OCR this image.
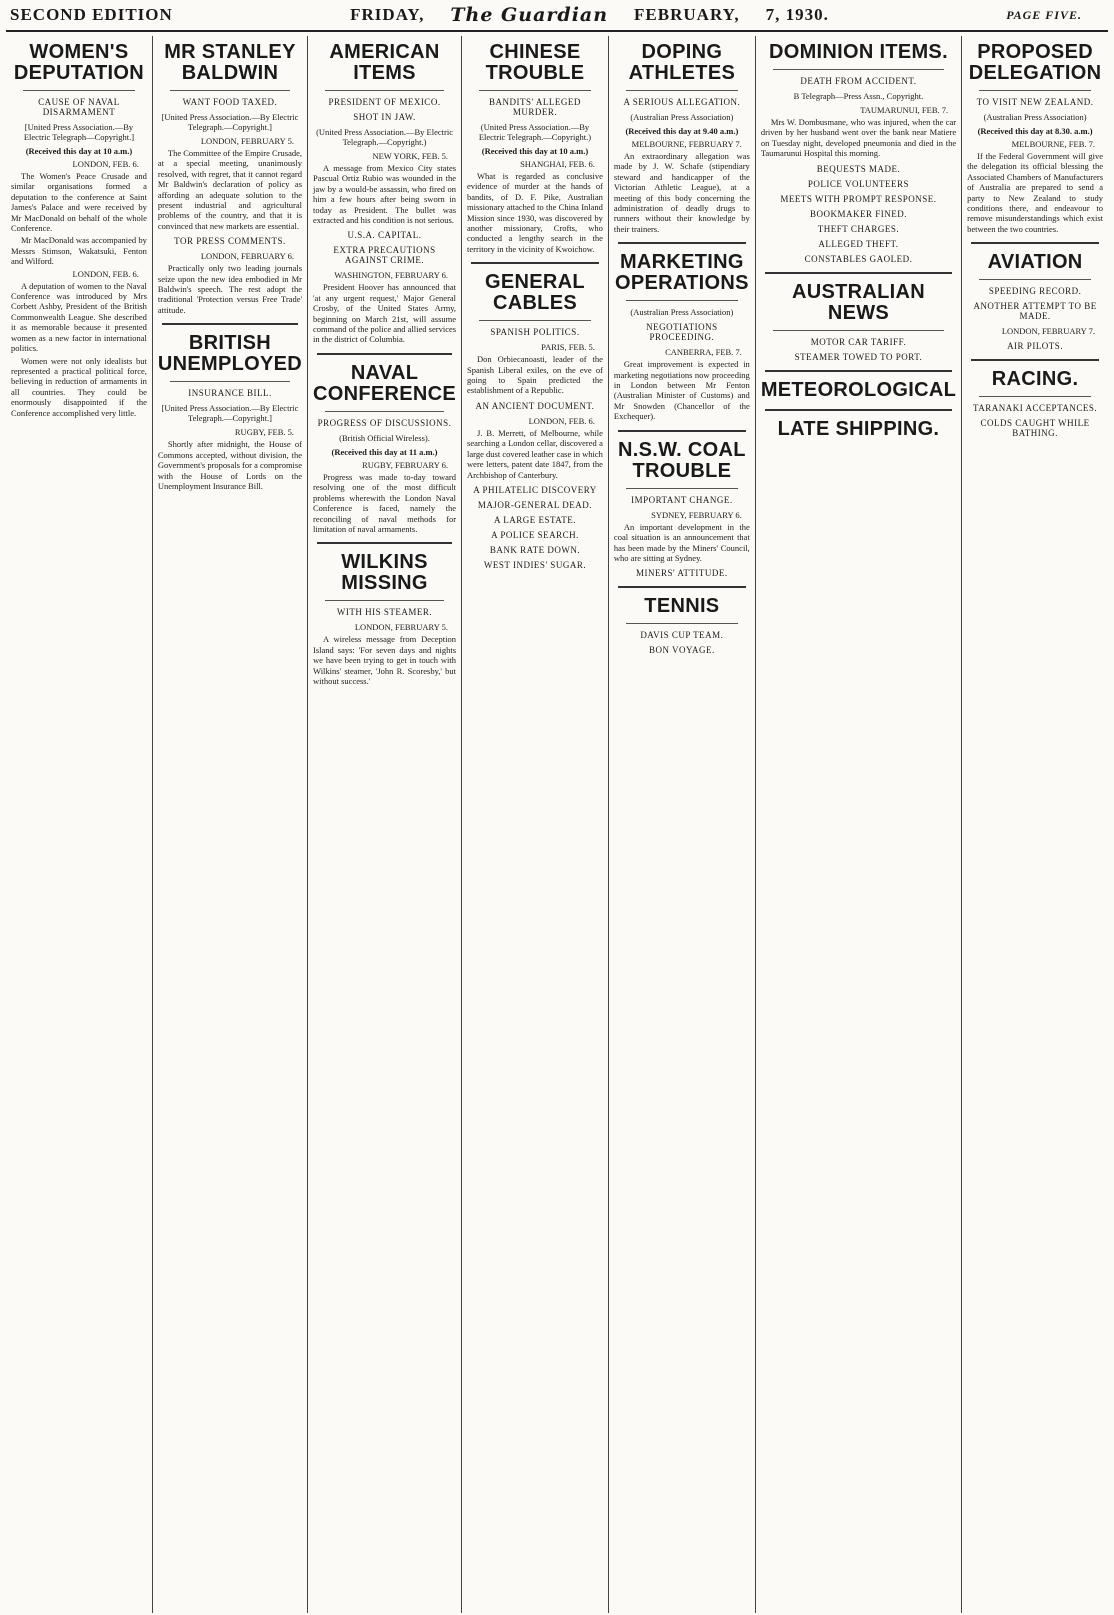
SECOND EDITION	FRIDAY, The Guardian FEBRUARY, 7, 1930.	PAGE FIVE.
WOMEN'S DEPUTATION
CAUSE OF NAVAL DISARMAMENT
[United Press Association.—By Electric Telegraph—Copyright.]
(Received this day at 10 a.m.)
LONDON, FEB. 6.

The Women's Peace Crusade and similar organisations formed a deputation to the conference at Saint James's Palace and were received by Mr MacDonald on behalf of the whole Conference.

Mr MacDonald was accompanied by Messrs Stimson, Wakatsuki, Fenton and Wilford.

LONDON, FEB. 6.

A deputation of women to the Naval Conference was introduced by Mrs Corbett Ashby, President of the British Commonwealth League. She described it as memorable because it presented women as a new factor in international politics.

Women were not only idealists but represented a practical political force, believing in reduction of armaments in all countries. They could be enormously disappointed if the Conference accomplished very little.

MR STANLEY BALDWIN
WANT FOOD TAXED.
[United Press Association.—By Electric Telegraph.—Copyright.]
LONDON, FEBRUARY 5.

The Committee of the Empire Crusade, at a special meeting, unanimously resolved, with regret, that it cannot regard Mr Baldwin's declaration of policy as affording an adequate solution to the present industrial and agricultural problems of the country, and that it is convinced that new markets are essential.

TOR PRESS COMMENTS.
LONDON, FEBRUARY 6.

Practically only two leading journals seize upon the new idea embodied in Mr Baldwin's speech. The rest adopt the traditional 'Protection versus Free Trade' attitude.

BRITISH UNEMPLOYED
INSURANCE BILL.
[United Press Association.—By Electric Telegraph.—Copyright.]
RUGBY, FEB. 5.

Shortly after midnight, the House of Commons accepted, without division, the Government's proposals for a compromise with the House of Lords on the Unemployment Insurance Bill.

AMERICAN ITEMS
PRESIDENT OF MEXICO.
SHOT IN JAW.
(United Press Association.—By Electric Telegraph.—Copyright.)
NEW YORK, FEB. 5.

A message from Mexico City states Pascual Ortiz Rubio was wounded in the jaw by a would-be assassin, who fired on him a few hours after being sworn in today as President. The bullet was extracted and his condition is not serious.

U.S.A. CAPITAL.
EXTRA PRECAUTIONS AGAINST CRIME.
WASHINGTON, FEBRUARY 6.

President Hoover has announced that 'at any urgent request,' Major General Crosby, of the United States Army, beginning on March 21st, will assume command of the police and allied services in the district of Columbia.

NAVAL CONFERENCE
PROGRESS OF DISCUSSIONS.
(British Official Wireless).
(Received this day at 11 a.m.)
RUGBY, FEBRUARY 6.

Progress was made to-day toward resolving one of the most difficult problems wherewith the London Naval Conference is faced, namely the reconciling of naval methods for limitation of naval armaments.

WILKINS MISSING
WITH HIS STEAMER.
LONDON, FEBRUARY 5.

A wireless message from Deception Island says: 'For seven days and nights we have been trying to get in touch with Wilkins' steamer, 'John R. Scoresby,' but without success.'

CHINESE TROUBLE
BANDITS' ALLEGED MURDER.
(United Press Association.—By Electric Telegraph.—Copyright.)
(Received this day at 10 a.m.)
SHANGHAI, FEB. 6.

What is regarded as conclusive evidence of murder at the hands of bandits, of D. F. Pike, Australian missionary attached to the China Inland Mission since 1930, was discovered by another missionary, Crofts, who conducted a lengthy search in the territory in the vicinity of Kwoichow.

GENERAL CABLES
SPANISH POLITICS.
PARIS, FEB. 5.

Don Orbiecanoasti, leader of the Spanish Liberal exiles, on the eve of going to Spain predicted the establishment of a Republic.

AN ANCIENT DOCUMENT.
LONDON, FEB. 6.

J. B. Merrett, of Melbourne, while searching a London cellar, discovered a large dust covered leather case in which were letters, patent date 1847, from the Archbishop of Canterbury.

A PHILATELIC DISCOVERY
MAJOR-GENERAL DEAD.
A LARGE ESTATE.
A POLICE SEARCH.
BANK RATE DOWN.
WEST INDIES' SUGAR.
DOPING ATHLETES
A SERIOUS ALLEGATION.
(Australian Press Association)
(Received this day at 9.40 a.m.)
MELBOURNE, FEBRUARY 7.

An extraordinary allegation was made by J. W. Schafe (stipendiary steward and handicapper of the Victorian Athletic League), at a meeting of this body concerning the administration of deadly drugs to runners without their knowledge by their trainers.

MARKETING OPERATIONS
(Australian Press Association)
NEGOTIATIONS PROCEEDING.
CANBERRA, FEB. 7.

Great improvement is expected in marketing negotiations now proceeding in London between Mr Fenton (Australian Minister of Customs) and Mr Snowden (Chancellor of the Exchequer).

N.S.W. COAL TROUBLE
IMPORTANT CHANGE.
SYDNEY, FEBRUARY 6.

An important development in the coal situation is an announcement that has been made by the Miners' Council, who are sitting at Sydney.

MINERS' ATTITUDE.
TENNIS
DAVIS CUP TEAM.
BON VOYAGE.
DOMINION ITEMS.
DEATH FROM ACCIDENT.
B Telegraph—Press Assn., Copyright.
TAUMARUNUI, FEB. 7.

Mrs W. Dombusmane, who was injured, when the car driven by her husband went over the bank near Matiere on Tuesday night, developed pneumonia and died in the Taumarunui Hospital this morning.

BEQUESTS MADE.
POLICE VOLUNTEERS
MEETS WITH PROMPT RESPONSE.
BOOKMAKER FINED.
THEFT CHARGES.
ALLEGED THEFT.
CONSTABLES GAOLED.
AUSTRALIAN NEWS
MOTOR CAR TARIFF.
STEAMER TOWED TO PORT.
METEOROLOGICAL
LATE SHIPPING.
PROPOSED DELEGATION
TO VISIT NEW ZEALAND.
(Australian Press Association)
(Received this day at 8.30. a.m.)
MELBOURNE, FEB. 7.

If the Federal Government will give the delegation its official blessing the Associated Chambers of Manufacturers of Australia are prepared to send a party to New Zealand to study conditions there, and endeavour to remove misunderstandings which exist between the two countries.

AVIATION
SPEEDING RECORD.
ANOTHER ATTEMPT TO BE MADE.
LONDON, FEBRUARY 7.
AIR PILOTS.
RACING.
TARANAKI ACCEPTANCES.
COLDS CAUGHT WHILE BATHING.
